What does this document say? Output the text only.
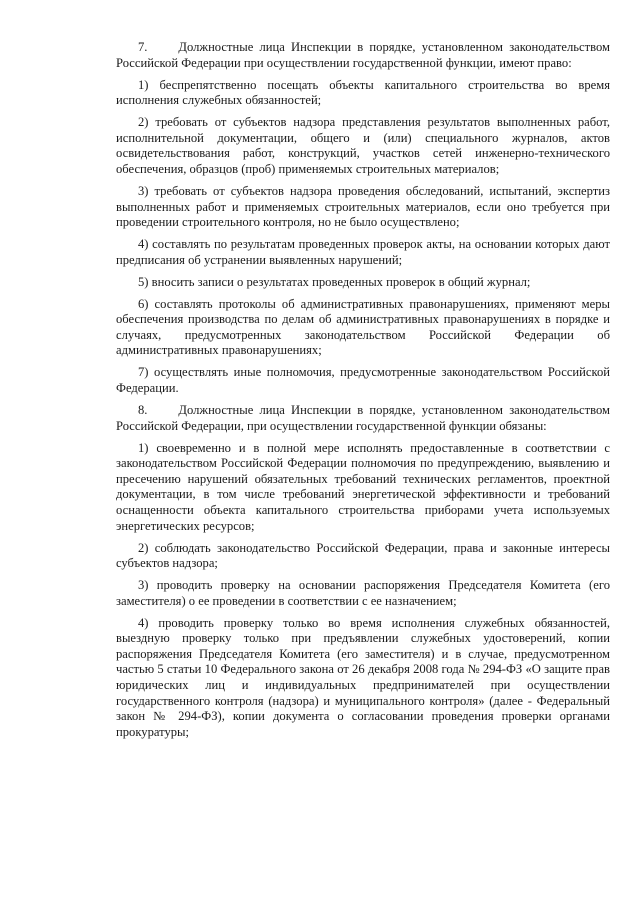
7.     Должностные лица Инспекции в порядке, установленном законодательством Российской Федерации при осуществлении государственной функции, имеют право:

1) беспрепятственно посещать объекты капитального строительства во время исполнения служебных обязанностей;

2) требовать от субъектов надзора представления результатов выполненных работ, исполнительной документации, общего и (или) специального журналов, актов освидетельствования работ, конструкций, участков сетей инженерно-технического обеспечения, образцов (проб) применяемых строительных материалов;

3) требовать от субъектов надзора проведения обследований, испытаний, экспертиз выполненных работ и применяемых строительных материалов, если оно требуется при проведении строительного контроля, но не было осуществлено;

4) составлять по результатам проведенных проверок акты, на основании которых дают предписания об устранении выявленных нарушений;

5) вносить записи о результатах проведенных проверок в общий журнал;

6) составлять протоколы об административных правонарушениях, применяют меры обеспечения производства по делам об административных правонарушениях в порядке и случаях, предусмотренных законодательством Российской Федерации об административных правонарушениях;

7) осуществлять иные полномочия, предусмотренные законодательством Российской Федерации.

8.     Должностные лица Инспекции в порядке, установленном законодательством Российской Федерации, при осуществлении государственной функции обязаны:

1) своевременно и в полной мере исполнять предоставленные в соответствии с законодательством Российской Федерации полномочия по предупреждению, выявлению и пресечению нарушений обязательных требований технических регламентов, проектной документации, в том числе требований энергетической эффективности и требований оснащенности объекта капитального строительства приборами учета используемых энергетических ресурсов;

2) соблюдать законодательство Российской Федерации, права и законные интересы субъектов надзора;

3) проводить проверку на основании распоряжения Председателя Комитета (его заместителя) о ее проведении в соответствии с ее назначением;

4) проводить проверку только во время исполнения служебных обязанностей, выездную проверку только при предъявлении служебных удостоверений, копии распоряжения Председателя Комитета (его заместителя) и в случае, предусмотренном частью 5 статьи 10 Федерального закона от 26 декабря 2008 года № 294-ФЗ «О защите прав юридических лиц и индивидуальных предпринимателей при осуществлении государственного контроля (надзора) и муниципального контроля» (далее - Федеральный закон № 294-ФЗ), копии документа о согласовании проведения проверки органами прокуратуры;
